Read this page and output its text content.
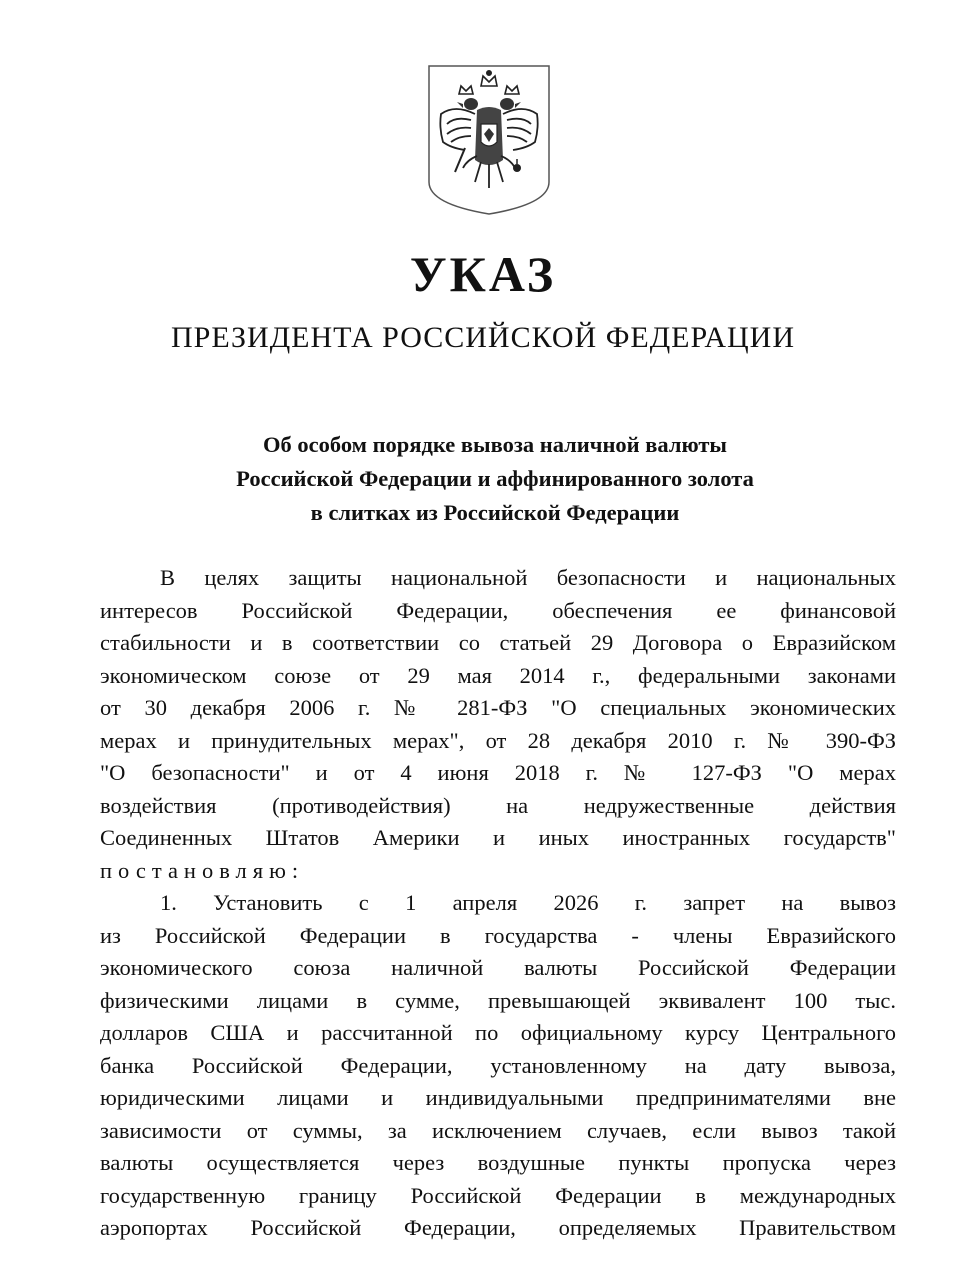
УКАЗ
ПРЕЗИДЕНТА РОССИЙСКОЙ ФЕДЕРАЦИИ
Об особом порядке вывоза наличной валюты
Российской Федерации и аффинированного золота
в слитках из Российской Федерации
В целях защиты национальной безопасности и национальных
интересов Российской Федерации, обеспечения ее финансовой
стабильности и в соответствии со статьей 29 Договора о Евразийском
экономическом союзе от 29 мая 2014 г., федеральными законами
от 30 декабря 2006 г. № 281-ФЗ "О специальных экономических
мерах и принудительных мерах", от 28 декабря 2010 г. № 390-ФЗ
"О безопасности" и от 4 июня 2018 г. № 127-ФЗ "О мерах
воздействия (противодействия) на недружественные действия
Соединенных Штатов Америки и иных иностранных государств"
постановляю:
1. Установить с 1 апреля 2026 г. запрет на вывоз
из Российской Федерации в государства - члены Евразийского
экономического союза наличной валюты Российской Федерации
физическими лицами в сумме, превышающей эквивалент 100 тыс.
долларов США и рассчитанной по официальному курсу Центрального
банка Российской Федерации, установленному на дату вывоза,
юридическими лицами и индивидуальными предпринимателями вне
зависимости от суммы, за исключением случаев, если вывоз такой
валюты осуществляется через воздушные пункты пропуска через
государственную границу Российской Федерации в международных
аэропортах Российской Федерации, определяемых Правительством
